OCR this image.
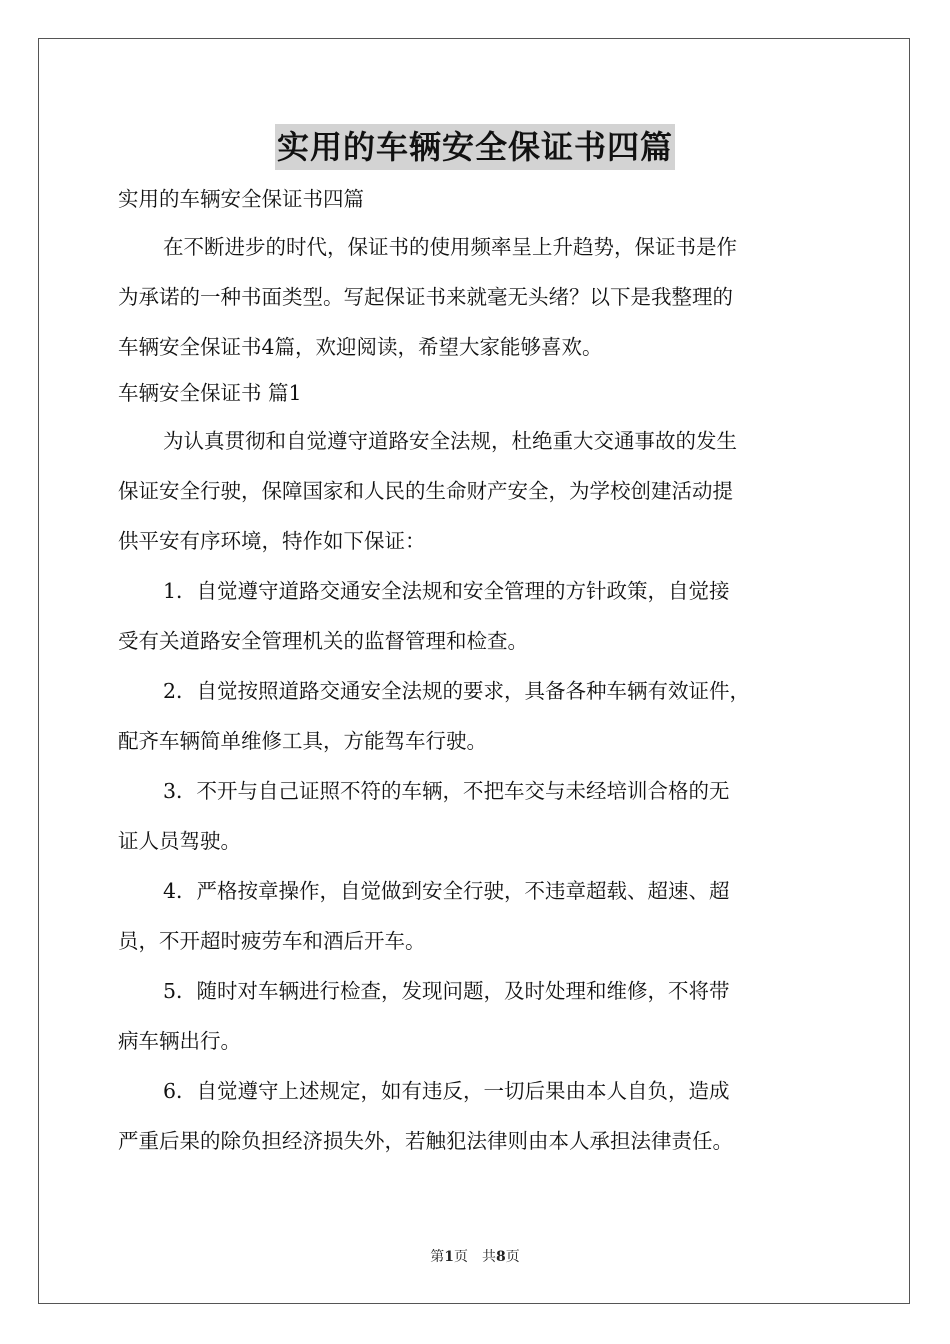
实用的车辆安全保证书四篇
实用的车辆安全保证书四篇
在不断进步的时代，保证书的使用频率呈上升趋势，保证书是作
为承诺的一种书面类型。写起保证书来就毫无头绪？以下是我整理的
车辆安全保证书4篇，欢迎阅读，希望大家能够喜欢。
车辆安全保证书 篇1
为认真贯彻和自觉遵守道路安全法规，杜绝重大交通事故的发生
保证安全行驶，保障国家和人民的生命财产安全，为学校创建活动提
供平安有序环境，特作如下保证：
1．自觉遵守道路交通安全法规和安全管理的方针政策，自觉接
受有关道路安全管理机关的监督管理和检查。
2．自觉按照道路交通安全法规的要求，具备各种车辆有效证件，
配齐车辆简单维修工具，方能驾车行驶。
3．不开与自己证照不符的车辆，不把车交与未经培训合格的无
证人员驾驶。
4．严格按章操作，自觉做到安全行驶，不违章超载、超速、超
员，不开超时疲劳车和酒后开车。
5．随时对车辆进行检查，发现问题，及时处理和维修，不将带
病车辆出行。
6．自觉遵守上述规定，如有违反，一切后果由本人自负，造成
严重后果的除负担经济损失外，若触犯法律则由本人承担法律责任。
第1页　共8页
